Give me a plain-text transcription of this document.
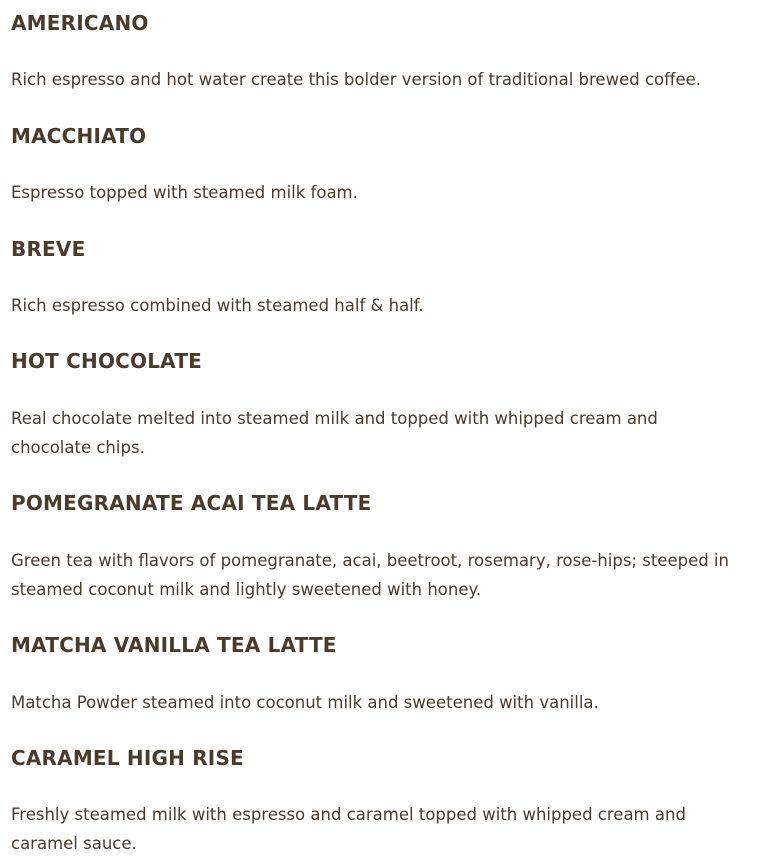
AMERICANO

Rich espresso and hot water create this bolder version of traditional brewed coffee.

MACCHIATO

Espresso topped with steamed milk foam.

BREVE

Rich espresso combined with steamed half & half.

HOT CHOCOLATE

Real chocolate melted into steamed milk and topped with whipped cream and chocolate chips.

POMEGRANATE ACAI TEA LATTE

Green tea with flavors of pomegranate, acai, beetroot, rosemary, rose-hips; steeped in steamed coconut milk and lightly sweetened with honey.

MATCHA VANILLA TEA LATTE

Matcha Powder steamed into coconut milk and sweetened with vanilla.

CARAMEL HIGH RISE

Freshly steamed milk with espresso and caramel topped with whipped cream and caramel sauce.
